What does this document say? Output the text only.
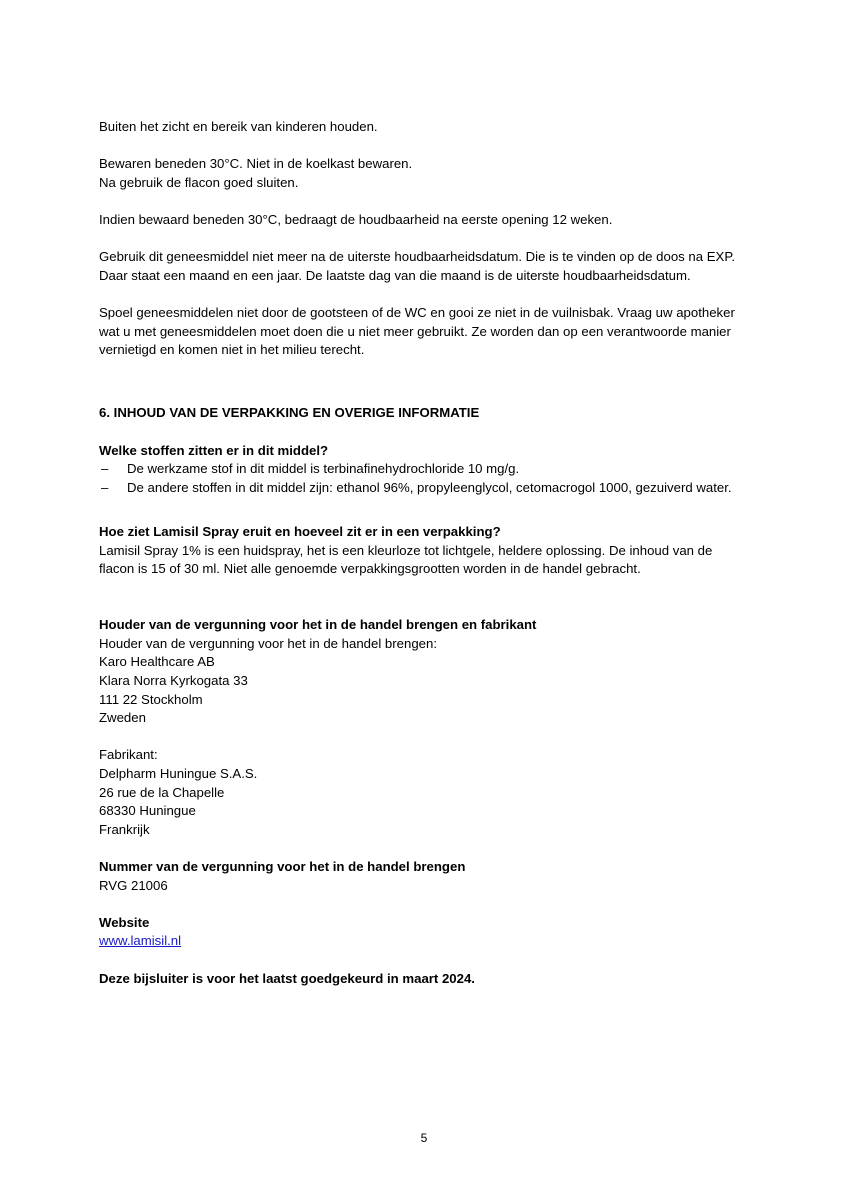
Buiten het zicht en bereik van kinderen houden.

Bewaren beneden 30°C. Niet in de koelkast bewaren.
Na gebruik de flacon goed sluiten.

Indien bewaard beneden 30°C, bedraagt de houdbaarheid na eerste opening 12 weken.

Gebruik dit geneesmiddel niet meer na de uiterste houdbaarheidsdatum. Die is te vinden op de doos na EXP. Daar staat een maand en een jaar. De laatste dag van die maand is de uiterste houdbaarheidsdatum.

Spoel geneesmiddelen niet door de gootsteen of de WC en gooi ze niet in de vuilnisbak. Vraag uw apotheker wat u met geneesmiddelen moet doen die u niet meer gebruikt. Ze worden dan op een verantwoorde manier vernietigd en komen niet in het milieu terecht.

6. INHOUD VAN DE VERPAKKING EN OVERIGE INFORMATIE
Welke stoffen zitten er in dit middel?
– De werkzame stof in dit middel is terbinafinehydrochloride 10 mg/g.
– De andere stoffen in dit middel zijn: ethanol 96%, propyleenglycol, cetomacrogol 1000, gezuiverd water.
Hoe ziet Lamisil Spray eruit en hoeveel zit er in een verpakking?

Lamisil Spray 1% is een huidspray, het is een kleurloze tot lichtgele, heldere oplossing. De inhoud van de flacon is 15 of 30 ml. Niet alle genoemde verpakkingsgrootten worden in de handel gebracht.

Houder van de vergunning voor het in de handel brengen en fabrikant
Houder van de vergunning voor het in de handel brengen:
Karo Healthcare AB
Klara Norra Kyrkogata 33
111 22 Stockholm
Zweden
Fabrikant:
Delpharm Huningue S.A.S.
26 rue de la Chapelle
68330 Huningue
Frankrijk
Nummer van de vergunning voor het in de handel brengen
RVG 21006
Website
www.lamisil.nl
Deze bijsluiter is voor het laatst goedgekeurd in maart 2024.
5
